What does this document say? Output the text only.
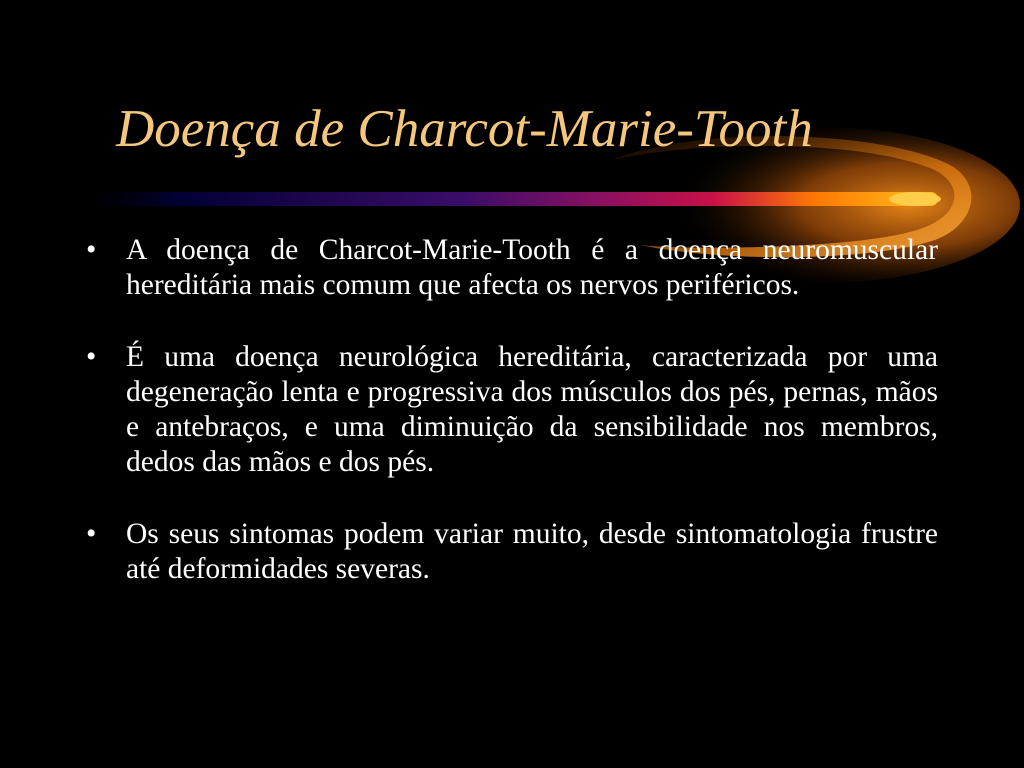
Doença de Charcot-Marie-Tooth
•	A doença de Charcot-Marie-Tooth é a doença neuromuscular hereditária mais comum que afecta os nervos periféricos.
•	É uma doença neurológica hereditária, caracterizada por uma degeneração lenta e progressiva dos músculos dos pés, pernas, mãos e antebraços, e uma diminuição da sensibilidade nos membros, dedos das mãos e dos pés.
•	Os seus sintomas podem variar muito, desde sintomatologia frustre até deformidades severas.
